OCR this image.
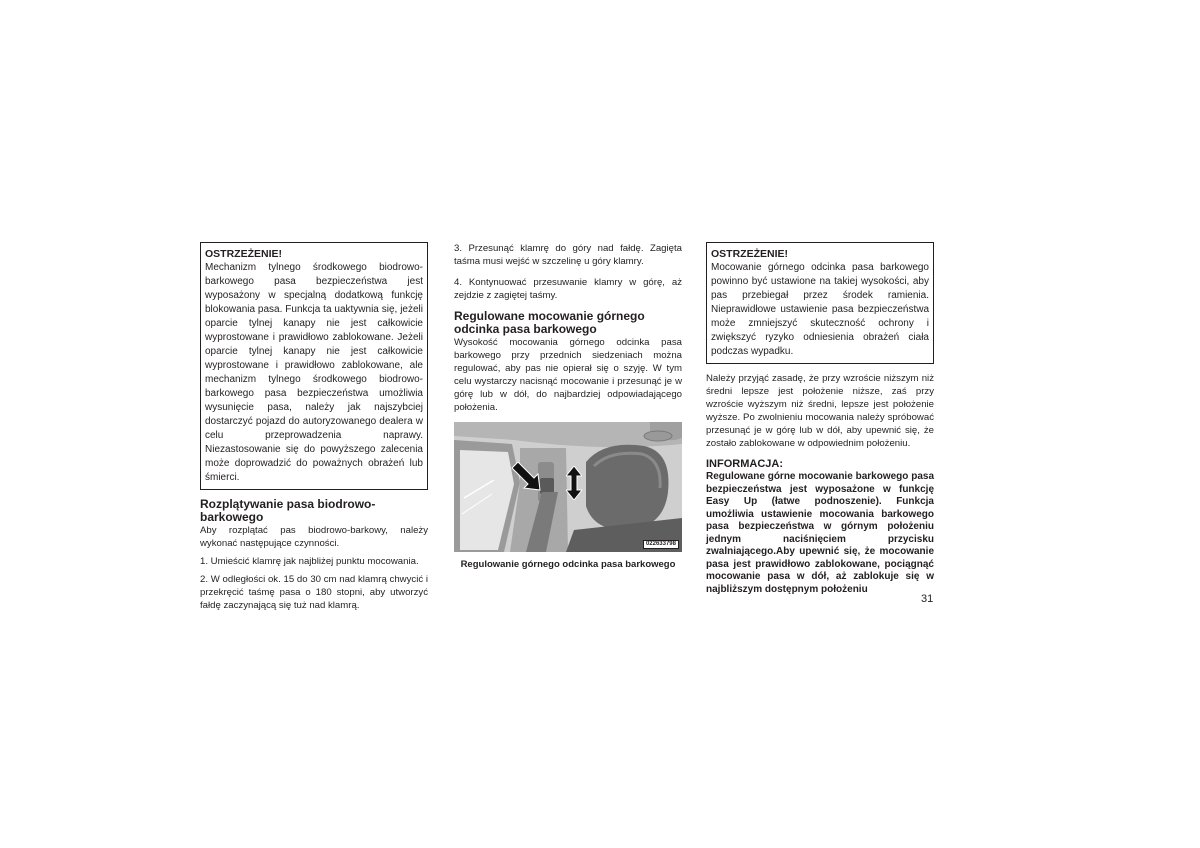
OSTRZEŻENIE!

Mechanizm tylnego środkowego biodrowo-barkowego pasa bezpieczeństwa jest wyposażony w specjalną dodatkową funkcję blokowania pasa. Funkcja ta uaktywnia się, jeżeli oparcie tylnej kanapy nie jest całkowicie wyprostowane i prawidłowo zablokowane. Jeżeli oparcie tylnej kanapy nie jest całkowicie wyprostowane i prawidłowo zablokowane, ale mechanizm tylnego środkowego biodrowo-barkowego pasa bezpieczeństwa umożliwia wysunięcie pasa, należy jak najszybciej dostarczyć pojazd do autoryzowanego dealera w celu przeprowadzenia naprawy. Niezastosowanie się do powyższego zalecenia może doprowadzić do poważnych obrażeń lub śmierci.

Rozplątywanie pasa biodrowo-barkowego

Aby rozplątać pas biodrowo-barkowy, należy wykonać następujące czynności.

1. Umieścić klamrę jak najbliżej punktu mocowania.

2. W odległości ok. 15 do 30 cm nad klamrą chwycić i przekręcić taśmę pasa o 180 stopni, aby utworzyć fałdę zaczynającą się tuż nad klamrą.

3. Przesunąć klamrę do góry nad fałdę. Zagięta taśma musi wejść w szczelinę u góry klamry.

4. Kontynuować przesuwanie klamry w górę, aż zejdzie z zagiętej taśmy.

Regulowane mocowanie górnego odcinka pasa barkowego

Wysokość mocowania górnego odcinka pasa barkowego przy przednich siedzeniach można regulować, aby pas nie opierał się o szyję. W tym celu wystarczy nacisnąć mocowanie i przesunąć je w górę lub w dół, do najbardziej odpowiadającego położenia.

022633798

Regulowanie górnego odcinka pasa barkowego

OSTRZEŻENIE!

Mocowanie górnego odcinka pasa barkowego powinno być ustawione na takiej wysokości, aby pas przebiegał przez środek ramienia. Nieprawidłowe ustawienie pasa bezpieczeństwa może zmniejszyć skuteczność ochrony i zwiększyć ryzyko odniesienia obrażeń ciała podczas wypadku.

Należy przyjąć zasadę, że przy wzroście niższym niż średni lepsze jest położenie niższe, zaś przy wzroście wyższym niż średni, lepsze jest położenie wyższe. Po zwolnieniu mocowania należy spróbować przesunąć je w górę lub w dół, aby upewnić się, że zostało zablokowane w odpowiednim położeniu.

INFORMACJA:

Regulowane górne mocowanie barkowego pasa bezpieczeństwa jest wyposażone w funkcję Easy Up (łatwe podnoszenie). Funkcja umożliwia ustawienie mocowania barkowego pasa bezpieczeństwa w górnym położeniu jednym naciśnięciem przycisku zwalniającego.Aby upewnić się, że mocowanie pasa jest prawidłowo zablokowane, pociągnąć mocowanie pasa w dół, aż zablokuje się w najbliższym dostępnym położeniu

31
